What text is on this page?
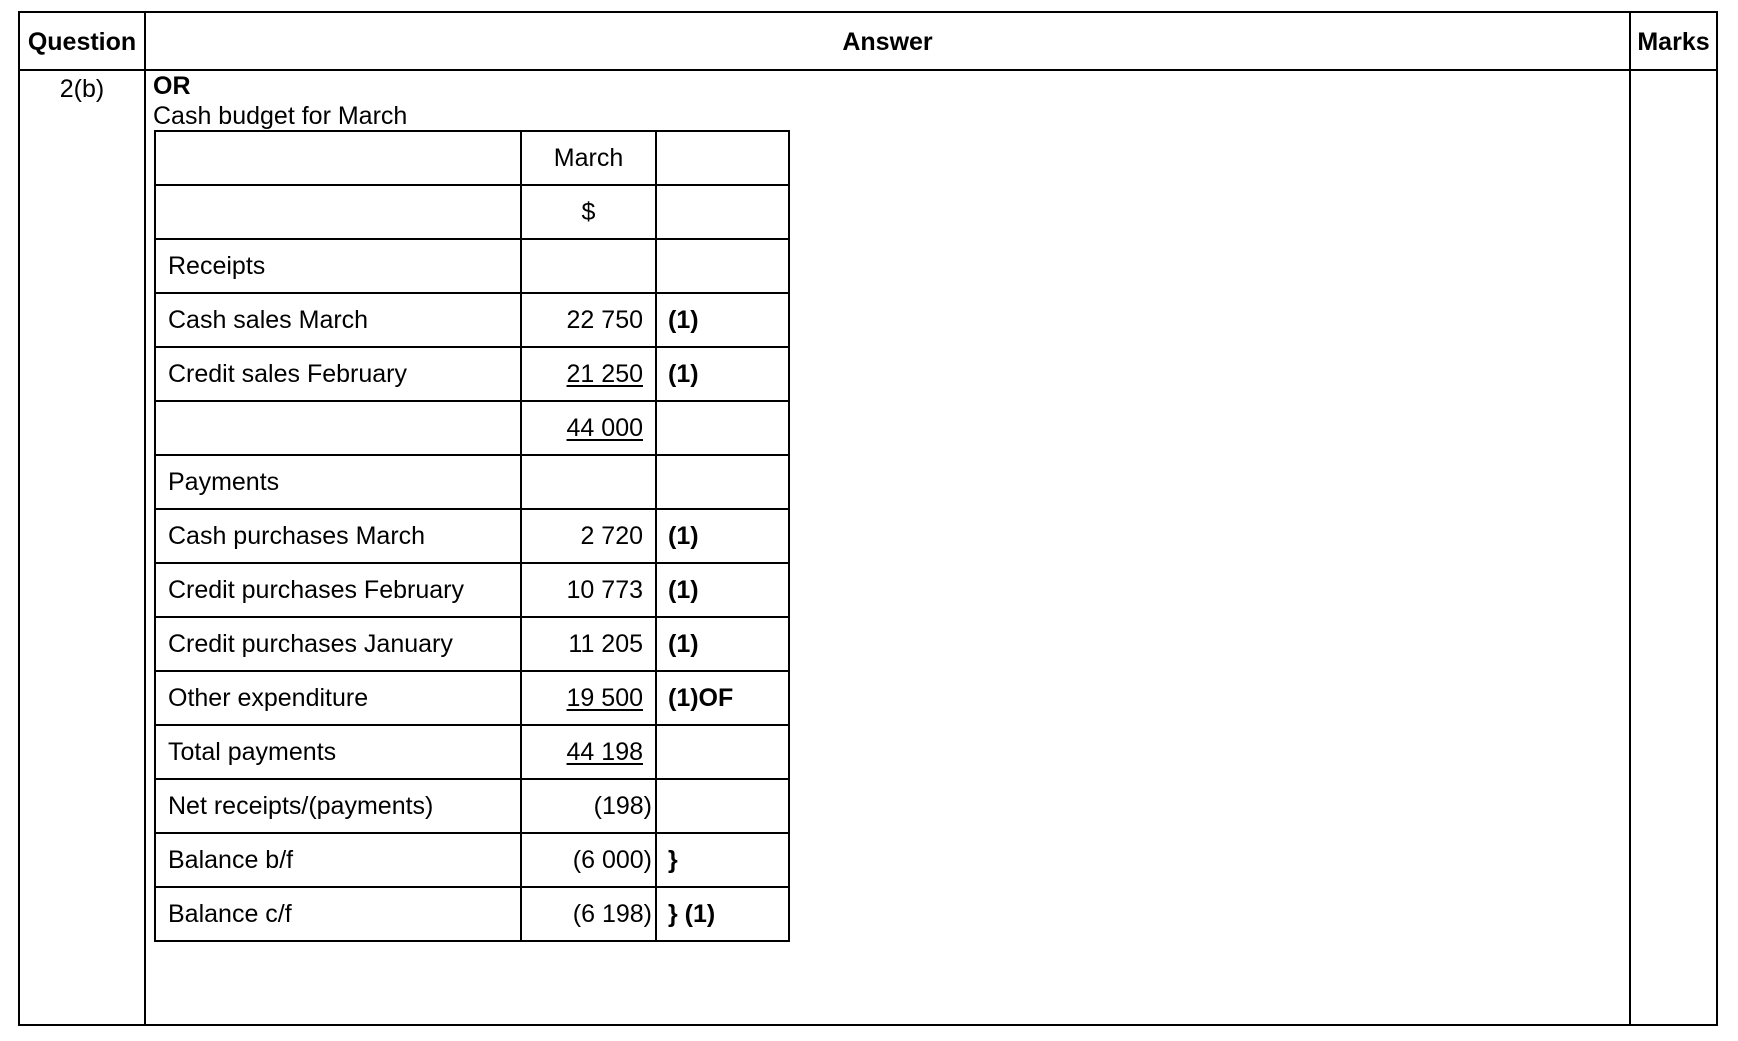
Question	Answer	Marks
2(b)	OR
Cash budget for March
	March	
	$	
Receipts		
Cash sales March	22 750	(1)
Credit sales February	21 250	(1)
	44 000	
Payments		
Cash purchases March	2 720	(1)
Credit purchases February	10 773	(1)
Credit purchases January	11 205	(1)
Other expenditure	19 500	(1)OF
Total payments	44 198	
Net receipts/(payments)	(198)	
Balance b/f	(6 000)	}
Balance c/f	(6 198)	} (1)
